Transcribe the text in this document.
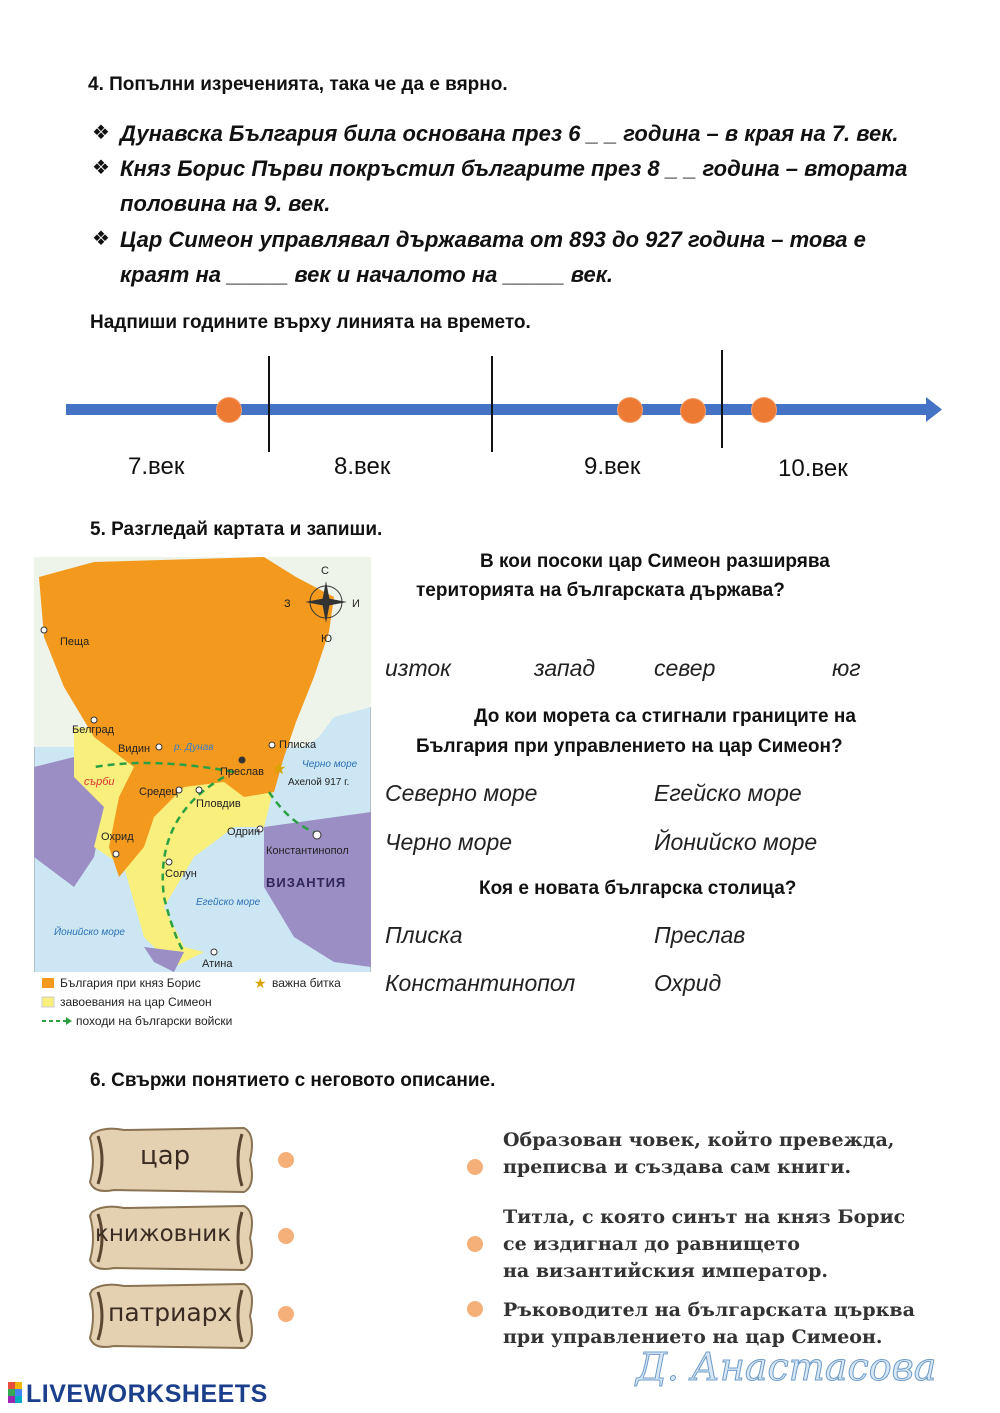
4. Попълни изреченията, така че да е вярно.
❖ Дунавска България била основана през 6 _ _ година – в края на 7. век.
❖ Княз Борис Първи покръстил българите през 8 _ _ година – втората
половина на 9. век.
❖ Цар Симеон управлявал държавата от 893 до 927 година – това е
краят на _____ век и началото на _____ век.
Надпиши годините върху линията на времето.
7.век	8.век	9.век	10.век
5. Разгледай картата и запиши.
С
Ю
З	И
Пеща
Белград
Видин	Плиска
Преслав
Средец
Пловдив
Одрин
Охрид
Солун
Атина
Константинопол
★
Ахелой 917 г.
р. Дунав
сърби
ВИЗАНТИЯ
Черно море
Егейско море
Йонийско море
България при княз Борис	★ важна битка
завоевания на цар Симеон
походи на български войски
В кои посоки цар Симеон разширява
територията на българската държава?
изток	запад	север	юг
До кои морета са стигнали границите на
България при управлението на цар Симеон?
Северно море	Егейско море
Черно море	Йонийско море
Коя е новата българска столица?
Плиска	Преслав
Константинопол	Охрид
6. Свържи понятието с неговото описание.
цар
книжовник
патриарх
Образован човек, който превежда,
преписва и създава сам книги.
Титла, с която синът на княз Борис
се издигнал до равнището
на византийския император.
Ръководител на българската църква
при управлението на цар Симеон.
LIVEWORKSHEETS
Д. Анастасова
